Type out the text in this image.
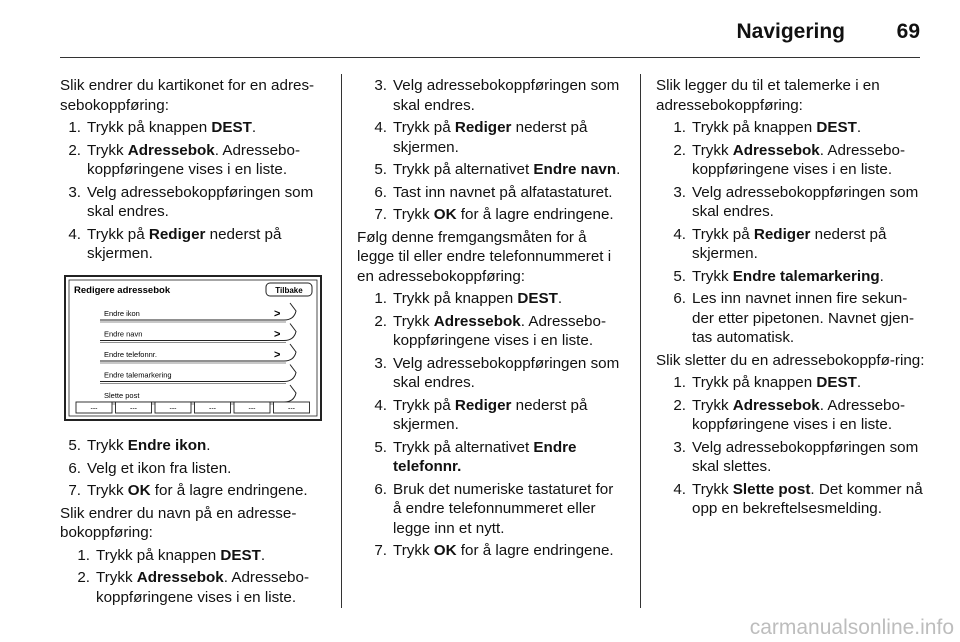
Navigering 69

Slik endrer du kartikonet for en adres-sebokoppføring:

1. Trykk på knappen DEST.
2. Trykk Adressebok. Adressebo-koppføringene vises i en liste.
3. Velg adressebokoppføringen som skal endres.
4. Trykk på Rediger nederst på skjermen.
Redigere adressebok	Tilbake
Endre ikon	>
Endre navn	>
Endre telefonnr.	>
Endre talemarkering
Slette post
---	---	---	---	---	---
5. Trykk Endre ikon.
6. Velg et ikon fra listen.
7. Trykk OK for å lagre endringene.

Slik endrer du navn på en adresse-bokoppføring:

1. Trykk på knappen DEST.
2. Trykk Adressebok. Adressebo-koppføringene vises i en liste.
3. Velg adressebokoppføringen som skal endres.
4. Trykk på Rediger nederst på skjermen.
5. Trykk på alternativet Endre navn.
6. Tast inn navnet på alfatastaturet.
7. Trykk OK for å lagre endringene.

Følg denne fremgangsmåten for å legge til eller endre telefonnummeret i en adressebokoppføring:

1. Trykk på knappen DEST.
2. Trykk Adressebok. Adressebo-koppføringene vises i en liste.
3. Velg adressebokoppføringen som skal endres.
4. Trykk på Rediger nederst på skjermen.
5. Trykk på alternativet Endre telefonnr.
6. Bruk det numeriske tastaturet for å endre telefonnummeret eller legge inn et nytt.
7. Trykk OK for å lagre endringene.

Slik legger du til et talemerke i en adressebokoppføring:

1. Trykk på knappen DEST.
2. Trykk Adressebok. Adressebo-koppføringene vises i en liste.
3. Velg adressebokoppføringen som skal endres.
4. Trykk på Rediger nederst på skjermen.
5. Trykk Endre talemarkering.
6. Les inn navnet innen fire sekun-der etter pipetonen. Navnet gjen-tas automatisk.

Slik sletter du en adressebokoppfø-ring:

1. Trykk på knappen DEST.
2. Trykk Adressebok. Adressebo-koppføringene vises i en liste.
3. Velg adressebokoppføringen som skal slettes.
4. Trykk Slette post. Det kommer nå opp en bekreftelsesmelding.
carmanualsonline.info
